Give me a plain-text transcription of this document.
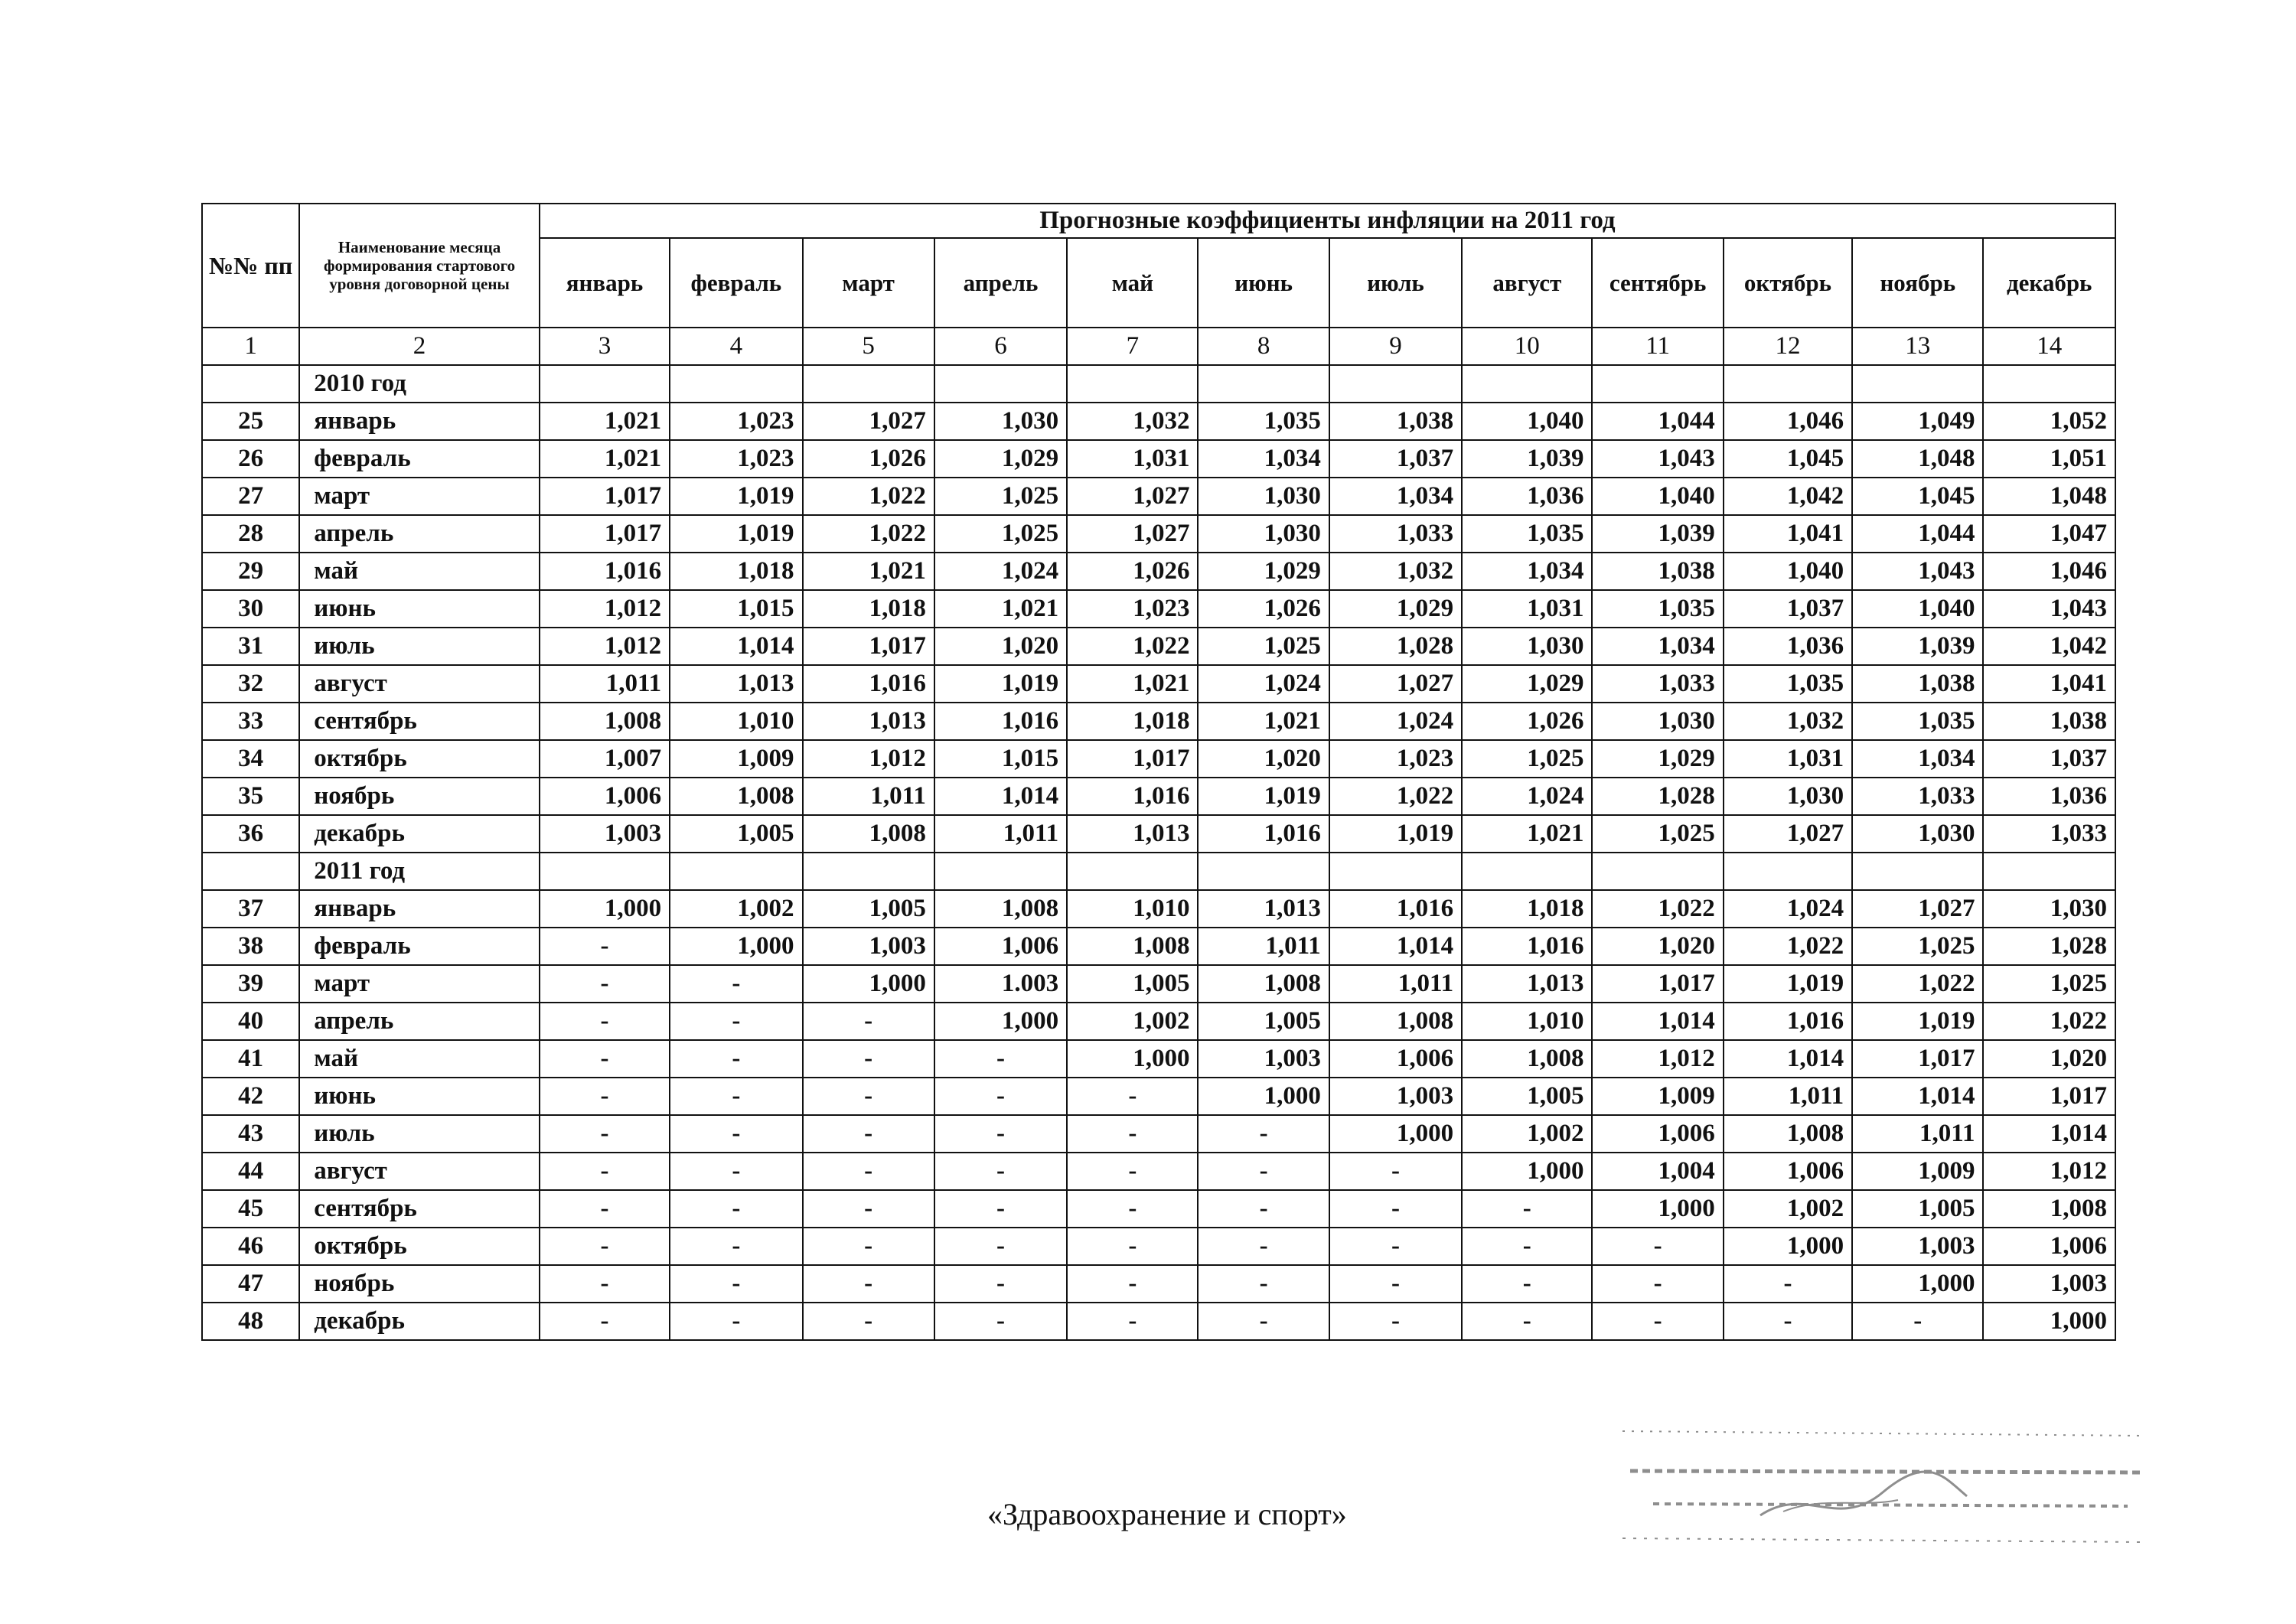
№№ пп	Наименование месяца формирования стартового уровня договорной цены	Прогнозные коэффициенты инфляции на 2011 год											
		январь	февраль	март	апрель	май	июнь	июль	август	сентябрь	октябрь	ноябрь	декабрь
1	2	3	4	5	6	7	8	9	10	11	12	13	14
	2010 год												
25	январь	1,021	1,023	1,027	1,030	1,032	1,035	1,038	1,040	1,044	1,046	1,049	1,052
26	февраль	1,021	1,023	1,026	1,029	1,031	1,034	1,037	1,039	1,043	1,045	1,048	1,051
27	март	1,017	1,019	1,022	1,025	1,027	1,030	1,034	1,036	1,040	1,042	1,045	1,048
28	апрель	1,017	1,019	1,022	1,025	1,027	1,030	1,033	1,035	1,039	1,041	1,044	1,047
29	май	1,016	1,018	1,021	1,024	1,026	1,029	1,032	1,034	1,038	1,040	1,043	1,046
30	июнь	1,012	1,015	1,018	1,021	1,023	1,026	1,029	1,031	1,035	1,037	1,040	1,043
31	июль	1,012	1,014	1,017	1,020	1,022	1,025	1,028	1,030	1,034	1,036	1,039	1,042
32	август	1,011	1,013	1,016	1,019	1,021	1,024	1,027	1,029	1,033	1,035	1,038	1,041
33	сентябрь	1,008	1,010	1,013	1,016	1,018	1,021	1,024	1,026	1,030	1,032	1,035	1,038
34	октябрь	1,007	1,009	1,012	1,015	1,017	1,020	1,023	1,025	1,029	1,031	1,034	1,037
35	ноябрь	1,006	1,008	1,011	1,014	1,016	1,019	1,022	1,024	1,028	1,030	1,033	1,036
36	декабрь	1,003	1,005	1,008	1,011	1,013	1,016	1,019	1,021	1,025	1,027	1,030	1,033
	2011 год												
37	январь	1,000	1,002	1,005	1,008	1,010	1,013	1,016	1,018	1,022	1,024	1,027	1,030
38	февраль	-	1,000	1,003	1,006	1,008	1,011	1,014	1,016	1,020	1,022	1,025	1,028
39	март	-	-	1,000	1.003	1,005	1,008	1,011	1,013	1,017	1,019	1,022	1,025
40	апрель	-	-	-	1,000	1,002	1,005	1,008	1,010	1,014	1,016	1,019	1,022
41	май	-	-	-	-	1,000	1,003	1,006	1,008	1,012	1,014	1,017	1,020
42	июнь	-	-	-	-	-	1,000	1,003	1,005	1,009	1,011	1,014	1,017
43	июль	-	-	-	-	-	-	1,000	1,002	1,006	1,008	1,011	1,014
44	август	-	-	-	-	-	-	-	1,000	1,004	1,006	1,009	1,012
45	сентябрь	-	-	-	-	-	-	-	-	1,000	1,002	1,005	1,008
46	октябрь	-	-	-	-	-	-	-	-	-	1,000	1,003	1,006
47	ноябрь	-	-	-	-	-	-	-	-	-	-	1,000	1,003
48	декабрь	-	-	-	-	-	-	-	-	-	-	-	1,000
«Здравоохранение и спорт»
